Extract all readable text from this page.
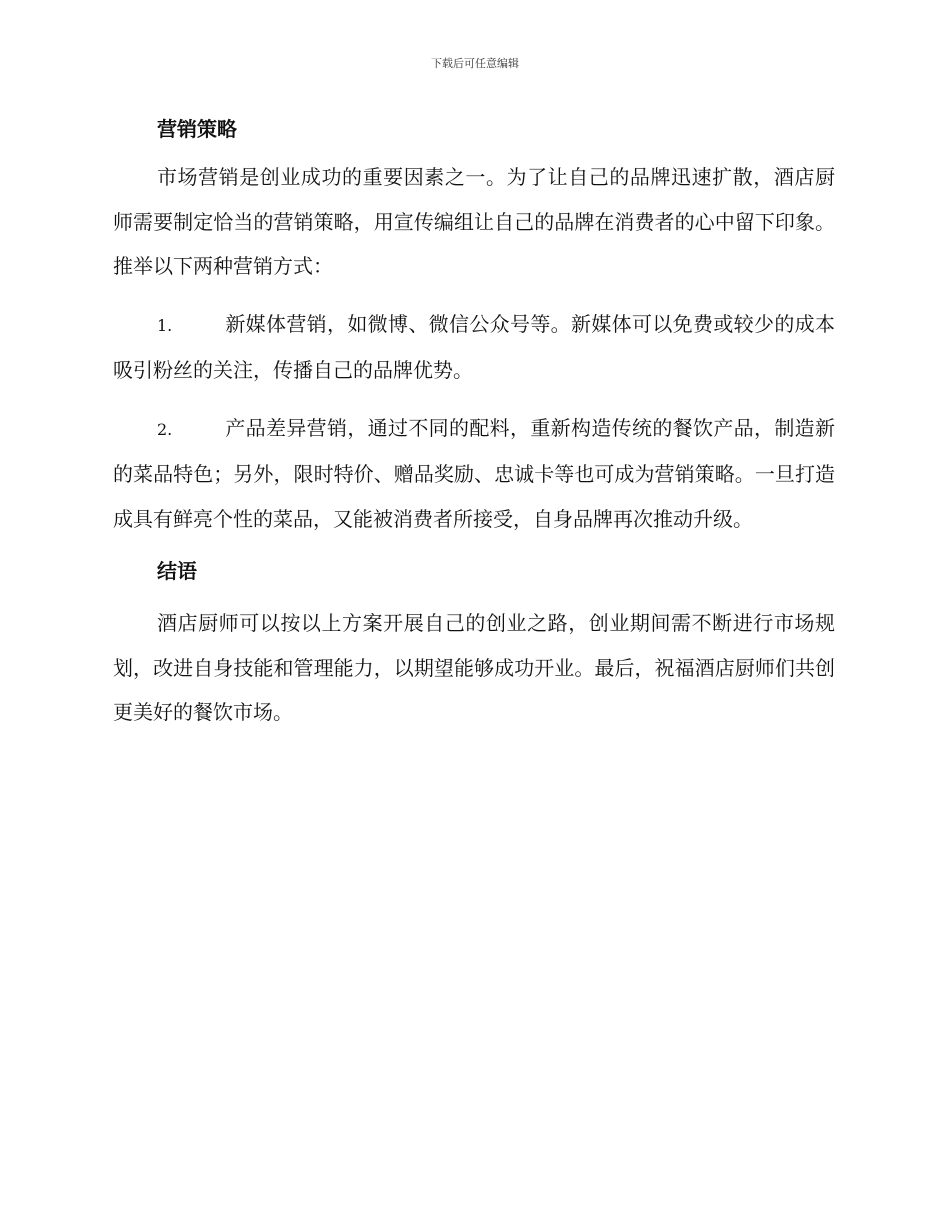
下载后可任意编辑
营销策略

市场营销是创业成功的重要因素之一。为了让自己的品牌迅速扩散，酒店厨师需要制定恰当的营销策略，用宣传编组让自己的品牌在消费者的心中留下印象。推举以下两种营销方式：

1.	新媒体营销，如微博、微信公众号等。新媒体可以免费或较少的成本吸引粉丝的关注，传播自己的品牌优势。

2.	产品差异营销，通过不同的配料，重新构造传统的餐饮产品，制造新的菜品特色；另外，限时特价、赠品奖励、忠诚卡等也可成为营销策略。一旦打造成具有鲜亮个性的菜品，又能被消费者所接受，自身品牌再次推动升级。

结语

酒店厨师可以按以上方案开展自己的创业之路，创业期间需不断进行市场规划，改进自身技能和管理能力，以期望能够成功开业。最后，祝福酒店厨师们共创更美好的餐饮市场。
